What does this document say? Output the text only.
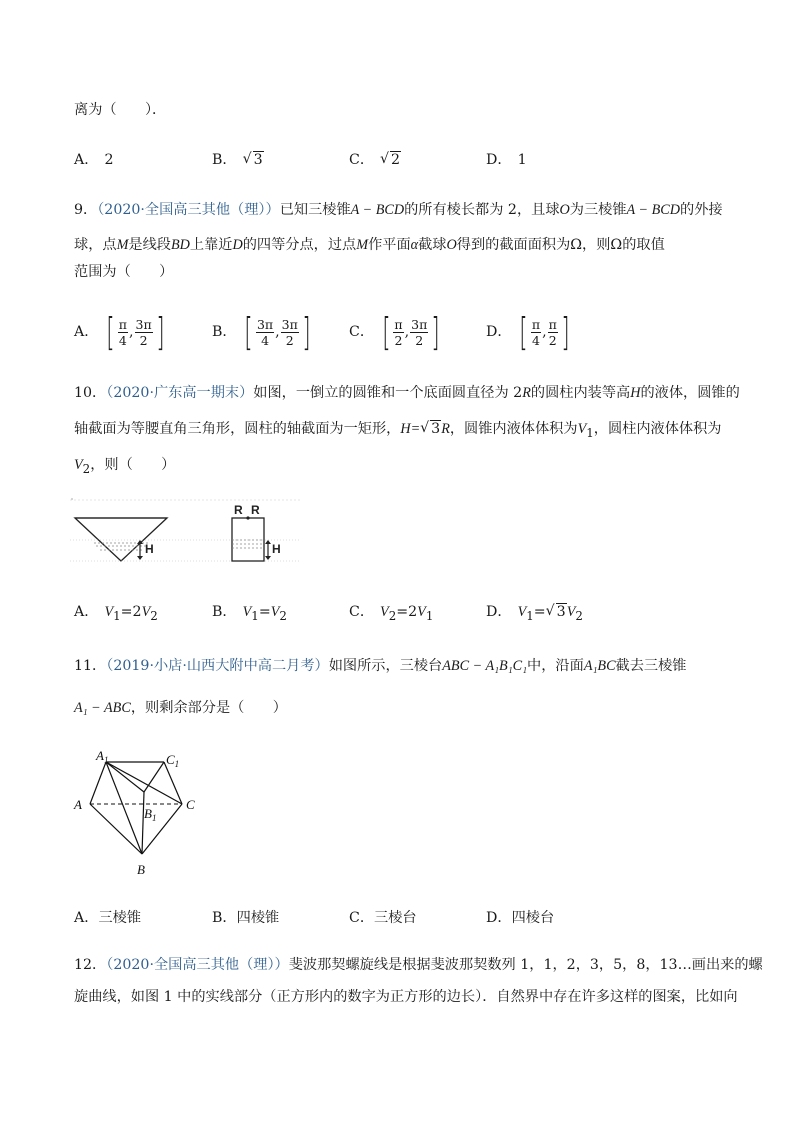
离为（　　）．
A． 2	B．√ 3	C．√ 2	D． 1
9．（2020·全国高三其他（理））已知三棱锥A − BCD的所有棱长都为 2，且球O为三棱锥A − BCD的外接
球，点M是线段BD上靠近D的四等分点，过点M作平面α截球O得到的截面面积为Ω，则Ω的取值
范围为（　　）
A． [ $\frac{\pi}{4}$ , $\frac{3\pi}{2}$ ]	B． [ $\frac{3\pi}{4}$ , $\frac{3\pi}{2}$ ]	C． [ $\frac{\pi}{2}$ , $\frac{3\pi}{2}$ ]	D． [ $\frac{\pi}{4}$ , $\frac{\pi}{2}$ ]
10．（2020·广东高一期末）如图，一倒立的圆锥和一个底面圆直径为 2R的圆柱内装等高H的液体，圆锥的
轴截面为等腰直角三角形，圆柱的轴截面为一矩形，H=√ 3R，圆锥内液体体积为$V_1$，圆柱内液体体积为
$V_2$，则（　　）
H
R R
H
A． $V_1=2V_2$	B． $V_1=V_2$	C． $V_2=2V_1$	D． $V_1=√$ $3V_2$
11．（2019·小店·山西大附中高二月考）如图所示，三棱台ABC − A₁B₁C₁中，沿面A₁BC截去三棱锥
A₁ − ABC，则剩余部分是（　　）
$A_1$	$C_1$
A
$B_1$
C
B
A．三棱锥	B．四棱锥	C．三棱台	D．四棱台
12．（2020·全国高三其他（理））斐波那契螺旋线是根据斐波那契数列 1，1，2，3，5，8，13…画出来的螺
旋曲线，如图 1 中的实线部分（正方形内的数字为正方形的边长）．自然界中存在许多这样的图案，比如向
